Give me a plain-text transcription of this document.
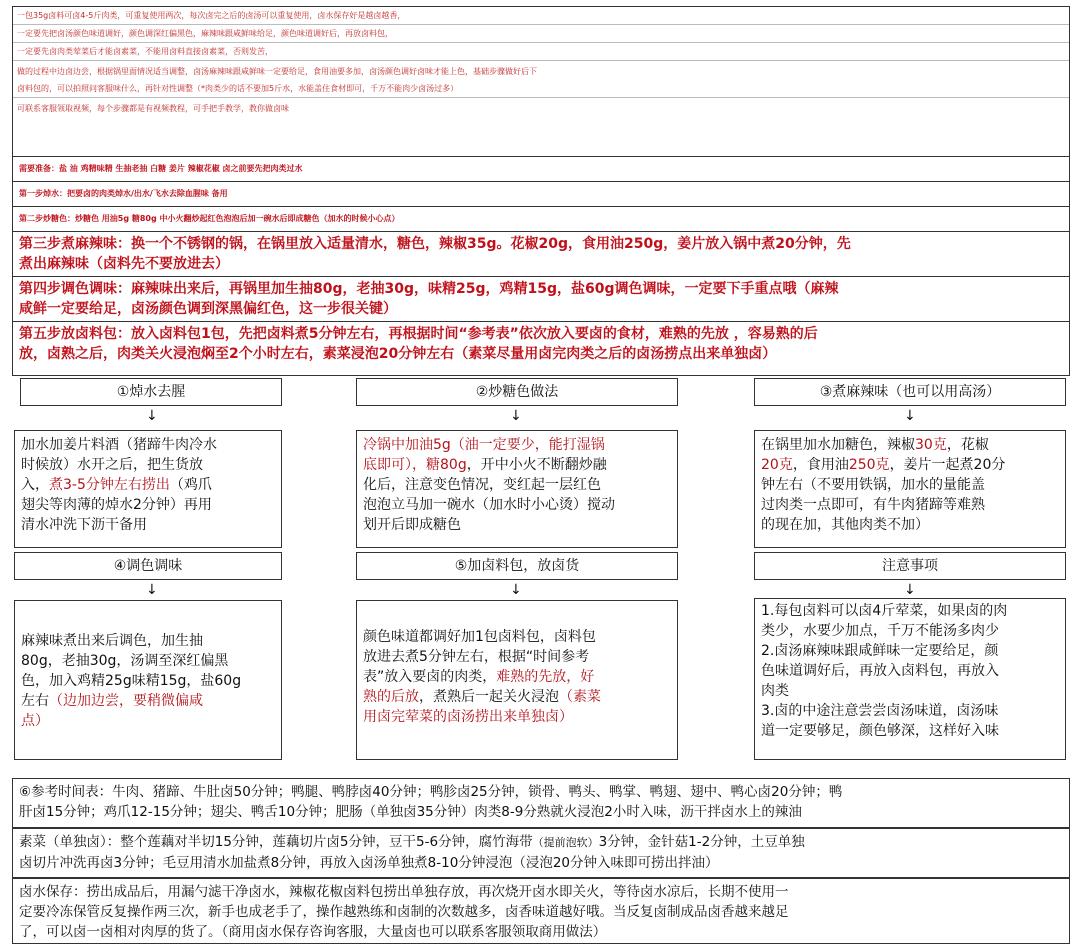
一包35g卤料可卤4-5斤肉类，可重复使用两次，每次卤完之后的卤汤可以重复使用，卤水保存好是越卤越香，
一定要先把卤汤颜色味道调好，颜色调深红偏黑色，麻辣味跟咸鲜味给足，颜色味道调好后，再放卤料包，
一定要先卤肉类荤菜后才能卤素菜，不能用卤料直接卤素菜，否则发苦，
做的过程中边卤边尝，根据锅里面情况适当调整，卤汤麻辣味跟咸鲜味一定要给足，食用油要多加，卤汤颜色调好卤味才能上色，基础步骤做好后下
卤料包的，可以拍照问客服味什么，再针对性调整（*肉类少的话不要加5斤水，水能盖住食材即可，千万不能肉少卤汤过多）
可联系客服领取视频，每个步骤都是有视频教程，可手把手教学，教你做卤味
需要准备：盐 油 鸡精味精 生抽老抽 白糖 姜片 辣椒花椒 卤之前要先把肉类过水
第一步焯水：把要卤的肉类焯水/出水/飞水去除血腥味 备用
第二步炒糖色：炒糖色 用油5g 糖80g 中小火翻炒起红色泡泡后加一碗水后即成糖色（加水的时候小心点）
第三步煮麻辣味：换一个不锈钢的锅，在锅里放入适量清水，糖色，辣椒35g。花椒20g，食用油250g，姜片放入锅中煮20分钟，先
煮出麻辣味（卤料先不要放进去）
第四步调色调味：麻辣味出来后，再锅里加生抽80g，老抽30g，味精25g，鸡精15g，盐60g调色调味，一定要下手重点哦（麻辣
咸鲜一定要给足，卤汤颜色调到深黑偏红色，这一步很关键）
第五步放卤料包：放入卤料包1包，先把卤料煮5分钟左右，再根据时间“参考表”依次放入要卤的食材，难熟的先放 ，容易熟的后
放，卤熟之后，肉类关火浸泡焖至2个小时左右，素菜浸泡20分钟左右（素菜尽量用卤完肉类之后的卤汤捞点出来单独卤）
①焯水去腥
↓
加水加姜片料酒（猪蹄牛肉冷水
时候放）水开之后，把生货放
入，煮3-5分钟左右捞出（鸡爪
翅尖等肉薄的焯水2分钟）再用
清水冲洗下沥干备用
②炒糖色做法
↓
冷锅中加油5g（油一定要少，能打湿锅
底即可），糖80g，开中小火不断翻炒融
化后，注意变色情况，变红起一层红色
泡泡立马加一碗水（加水时小心烫）搅动
划开后即成糖色
③煮麻辣味（也可以用高汤）
↓
在锅里加水加糖色，辣椒30克，花椒
20克，食用油250克，姜片一起煮20分
钟左右（不要用铁锅，加水的量能盖
过肉类一点即可，有牛肉猪蹄等难熟
的现在加，其他肉类不加）
④调色调味
↓
麻辣味煮出来后调色，加生抽
80g，老抽30g，汤调至深红偏黑
色，加入鸡精25g味精15g，盐60g
左右（边加边尝，要稍微偏咸
点）
⑤加卤料包，放卤货
↓
颜色味道都调好加1包卤料包，卤料包
放进去煮5分钟左右，根据“时间参考
表”放入要卤的肉类，难熟的先放，好
熟的后放，煮熟后一起关火浸泡（素菜
用卤完荤菜的卤汤捞出来单独卤）
注意事项
↓
1.每包卤料可以卤4斤荤菜，如果卤的肉
类少，水要少加点，千万不能汤多肉少
2.卤汤麻辣味跟咸鲜味一定要给足，颜
色味道调好后，再放入卤料包，再放入
肉类
3.卤的中途注意尝尝卤汤味道，卤汤味
道一定要够足，颜色够深，这样好入味
⑥参考时间表：牛肉、猪蹄、牛肚卤50分钟；鸭腿、鸭脖卤40分钟；鸭胗卤25分钟，锁骨、鸭头、鸭掌、鸭翅、翅中、鸭心卤20分钟；鸭
肝卤15分钟；鸡爪12-15分钟；翅尖、鸭舌10分钟；肥肠（单独卤35分钟）肉类8-9分熟就火浸泡2小时入味，沥干拌卤水上的辣油
素菜（单独卤）：整个莲藕对半切15分钟，莲藕切片卤5分钟，豆干5-6分钟，腐竹海带（提前泡软）3分钟，金针菇1-2分钟，土豆单独
卤切片冲洗再卤3分钟；毛豆用清水加盐煮8分钟，再放入卤汤单独煮8-10分钟浸泡（浸泡20分钟入味即可捞出拌油）
卤水保存：捞出成品后，用漏勺滤干净卤水，辣椒花椒卤料包捞出单独存放，再次烧开卤水即关火，等待卤水凉后，长期不使用一
定要冷冻保管反复操作两三次，新手也成老手了，操作越熟练和卤制的次数越多，卤香味道越好哦。当反复卤制成品卤香越来越足
了，可以卤一卤相对肉厚的货了。（商用卤水保存咨询客服，大量卤也可以联系客服领取商用做法）
